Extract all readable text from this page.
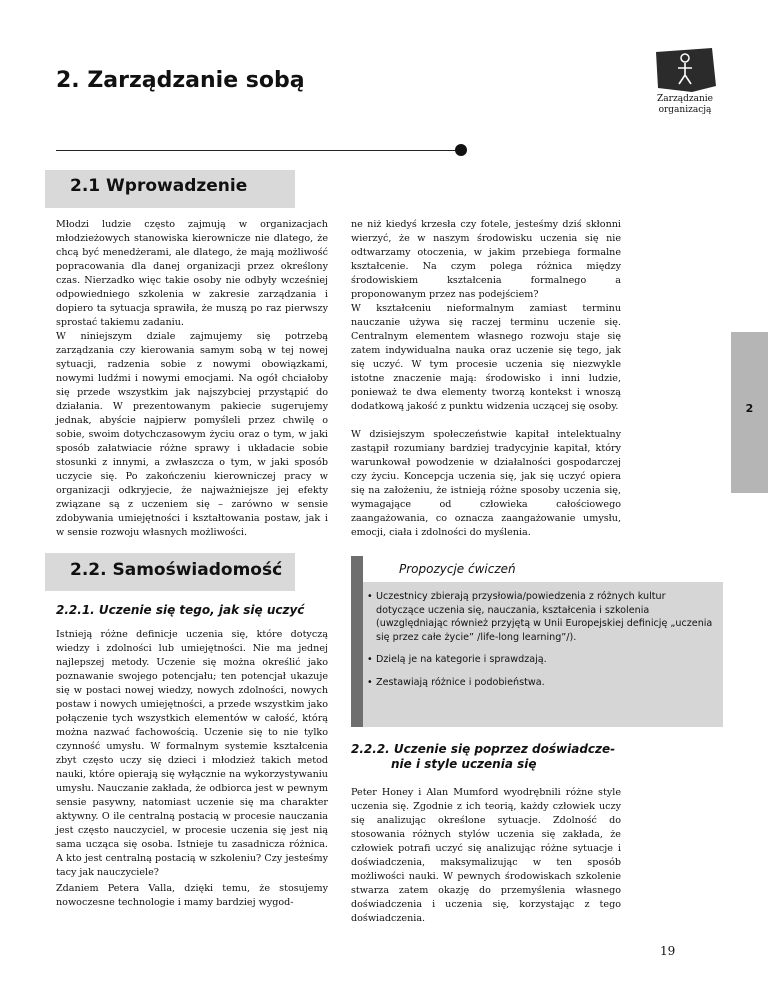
2. Zarządzanie sobą
Zarządzanie
organizacją
2.1 Wprowadzenie

Młodzi ludzie często zajmują w organizacjach młodzieżowych stanowiska kierownicze nie dlatego, że chcą być menedżerami, ale dlatego, że mają możliwość popracowania dla danej organizacji przez określony czas. Nierzadko więc takie osoby nie odbyły wcześniej odpowiedniego szkolenia w zakresie zarządzania i dopiero ta sytuacja sprawiła, że muszą po raz pierwszy sprostać takiemu zadaniu.

W niniejszym dziale zajmujemy się potrzebą zarządzania czy kierowania samym sobą w tej nowej sytuacji, radzenia sobie z nowymi obowiązkami, nowymi ludźmi i nowymi emocjami. Na ogół chciałoby się przede wszystkim jak najszybciej przystąpić do działania. W prezentowanym pakiecie sugerujemy jednak, abyście najpierw pomyśleli przez chwilę o sobie, swoim dotychczasowym życiu oraz o tym, w jaki sposób załatwiacie różne sprawy i układacie sobie stosunki z innymi, a zwłaszcza o tym, w jaki sposób uczycie się. Po zakończeniu kierowniczej pracy w organizacji odkryjecie, że najważniejsze jej efekty związane są z uczeniem się – zarówno w sensie zdobywania umiejętności i kształtowania postaw, jak i w sensie rozwoju własnych możliwości.

2.2. Samoświadomość
2.2.1. Uczenie się tego, jak się uczyć

Istnieją różne definicje uczenia się, które dotyczą wiedzy i zdolności lub umiejętności. Nie ma jednej najlepszej metody. Uczenie się można określić jako poznawanie swojego potencjału; ten potencjał ukazuje się w postaci nowej wiedzy, nowych zdolności, nowych postaw i nowych umiejętności, a przede wszystkim jako połączenie tych wszystkich elementów w całość, którą można nazwać fachowością. Uczenie się to nie tylko czynność umysłu. W formalnym systemie kształcenia zbyt często uczy się dzieci i młodzież takich metod nauki, które opierają się wyłącznie na wykorzystywaniu umysłu. Nauczanie zakłada, że odbiorca jest w pewnym sensie pasywny, natomiast uczenie się ma charakter aktywny. O ile centralną postacią w procesie nauczania jest często nauczyciel, w procesie uczenia się jest nią sama ucząca się osoba. Istnieje tu zasadnicza różnica. A kto jest centralną postacią w szkoleniu? Czy jesteśmy tacy jak nauczyciele?

Zdaniem Petera Valla, dzięki temu, że stosujemy nowoczesne technologie i mamy bardziej wygod-

ne niż kiedyś krzesła czy fotele, jesteśmy dziś skłonni wierzyć, że w naszym środowisku uczenia się nie odtwarzamy otoczenia, w jakim przebiega formalne kształcenie. Na czym polega różnica między środowiskiem kształcenia formalnego a proponowanym przez nas podejściem?

W kształceniu nieformalnym zamiast terminu nauczanie używa się raczej terminu uczenie się. Centralnym elementem własnego rozwoju staje się zatem indywidualna nauka oraz uczenie się tego, jak się uczyć. W tym procesie uczenia się niezwykle istotne znaczenie mają: środowisko i inni ludzie, ponieważ te dwa elementy tworzą kontekst i wnoszą dodatkową jakość z punktu widzenia uczącej się osoby.

W dzisiejszym społeczeństwie kapitał intelektualny zastąpił rozumiany bardziej tradycyjnie kapitał, który warunkował powodzenie w działalności gospodarczej czy życiu. Koncepcja uczenia się, jak się uczyć opiera się na założeniu, że istnieją różne sposoby uczenia się, wymagające od człowieka całościowego zaangażowania, co oznacza zaangażowanie umysłu, emocji, ciała i zdolności do myślenia.

2
Propozycje ćwiczeń
• Uczestnicy zbierają przysłowia/powiedzenia z różnych kultur dotyczące uczenia się, nauczania, kształcenia i szkolenia (uwzględniając również przyjętą w Unii Europejskiej definicję „uczenia się przez całe życie” /life-long learning”/).
• Dzielą je na kategorie i sprawdzają.
• Zestawiają różnice i podobieństwa.
2.2.2. Uczenie się poprzez doświadcze-
nie i style uczenia się

Peter Honey i Alan Mumford wyodrębnili różne style uczenia się. Zgodnie z ich teorią, każdy człowiek uczy się analizując określone sytuacje. Zdolność do stosowania różnych stylów uczenia się zakłada, że człowiek potrafi uczyć się analizując różne sytuacje i doświadczenia, maksymalizując w ten sposób możliwości nauki. W pewnych środowiskach szkolenie stwarza zatem okazję do przemyślenia własnego doświadczenia i uczenia się, korzystając z tego doświadczenia.

19
